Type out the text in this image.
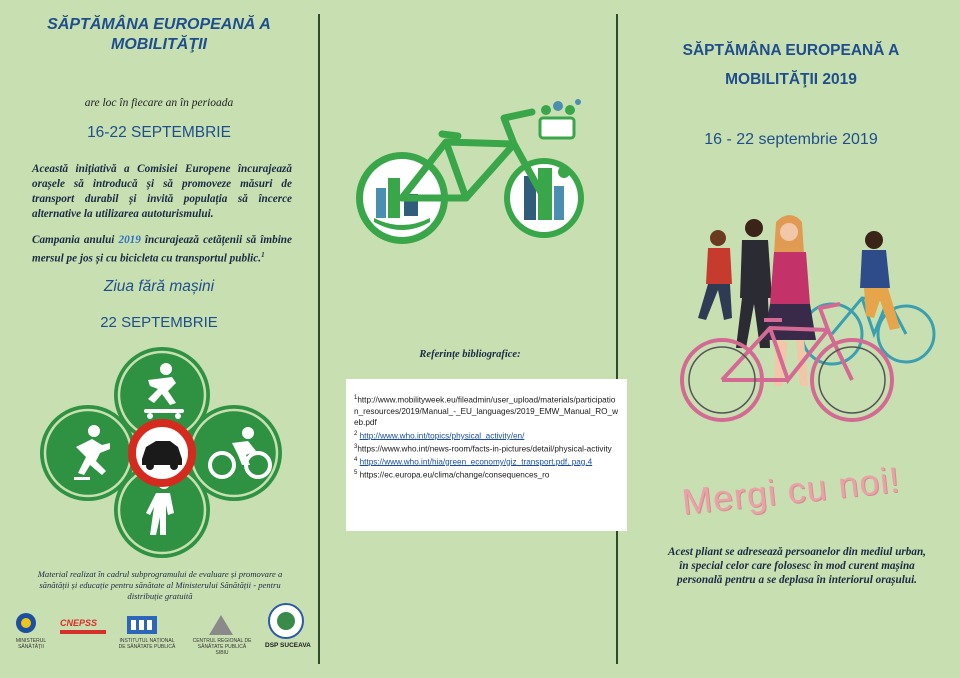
SĂPTĂMÂNA EUROPEANĂ A
MOBILITĂŢII
are loc în fiecare an în perioada
16-22 SEPTEMBRIE
Această inițiativă a Comisiei Europene încurajează orașele să introducă și să promoveze măsuri de transport durabil și invită populația să încerce alternative la utilizarea autoturismului.
Campania anului 2019 încurajează cetățenii să îmbine mersul pe jos și cu bicicleta cu transportul public.$^1$
Ziua fără mașini
22 SEPTEMBRIE
Material realizat în cadrul subprogramului de evaluare și promovare a sănătății și educație pentru sănătate al Ministerului Sănătății - pentru distribuție gratuită
MINISTERUL SĂNĂTĂȚII
CNEPSS
INSTITUTUL NAȚIONAL DE SĂNĂTATE PUBLICĂ
CENTRUL REGIONAL DE SĂNĂTATE PUBLICĂ SIBIU
DSP SUCEAVA
Referințe bibliografice:
$^1$http://www.mobilityweek.eu/fileadmin/user_upload/materials/participation_resources/2019/Manual_-_EU_languages/2019_EMW_Manual_RO_web.pdf
$^2$ http://www.who.int/topics/physical_activity/en/
$^3$https://www.who.int/news-room/facts-in-pictures/detail/physical-activity
$^4$ https://www.who.int/hia/green_economy/giz_transport.pdf, pag.4
$^5$ https://ec.europa.eu/clima/change/consequences_ro
SĂPTĂMÂNA EUROPEANĂ A
MOBILITĂŢII 2019
16 - 22 septembrie 2019
Mergi cu noi!
Acest pliant se adresează persoanelor din mediul urban, în special celor care folosesc în mod curent mașina personală pentru a se deplasa în interiorul orașului.
